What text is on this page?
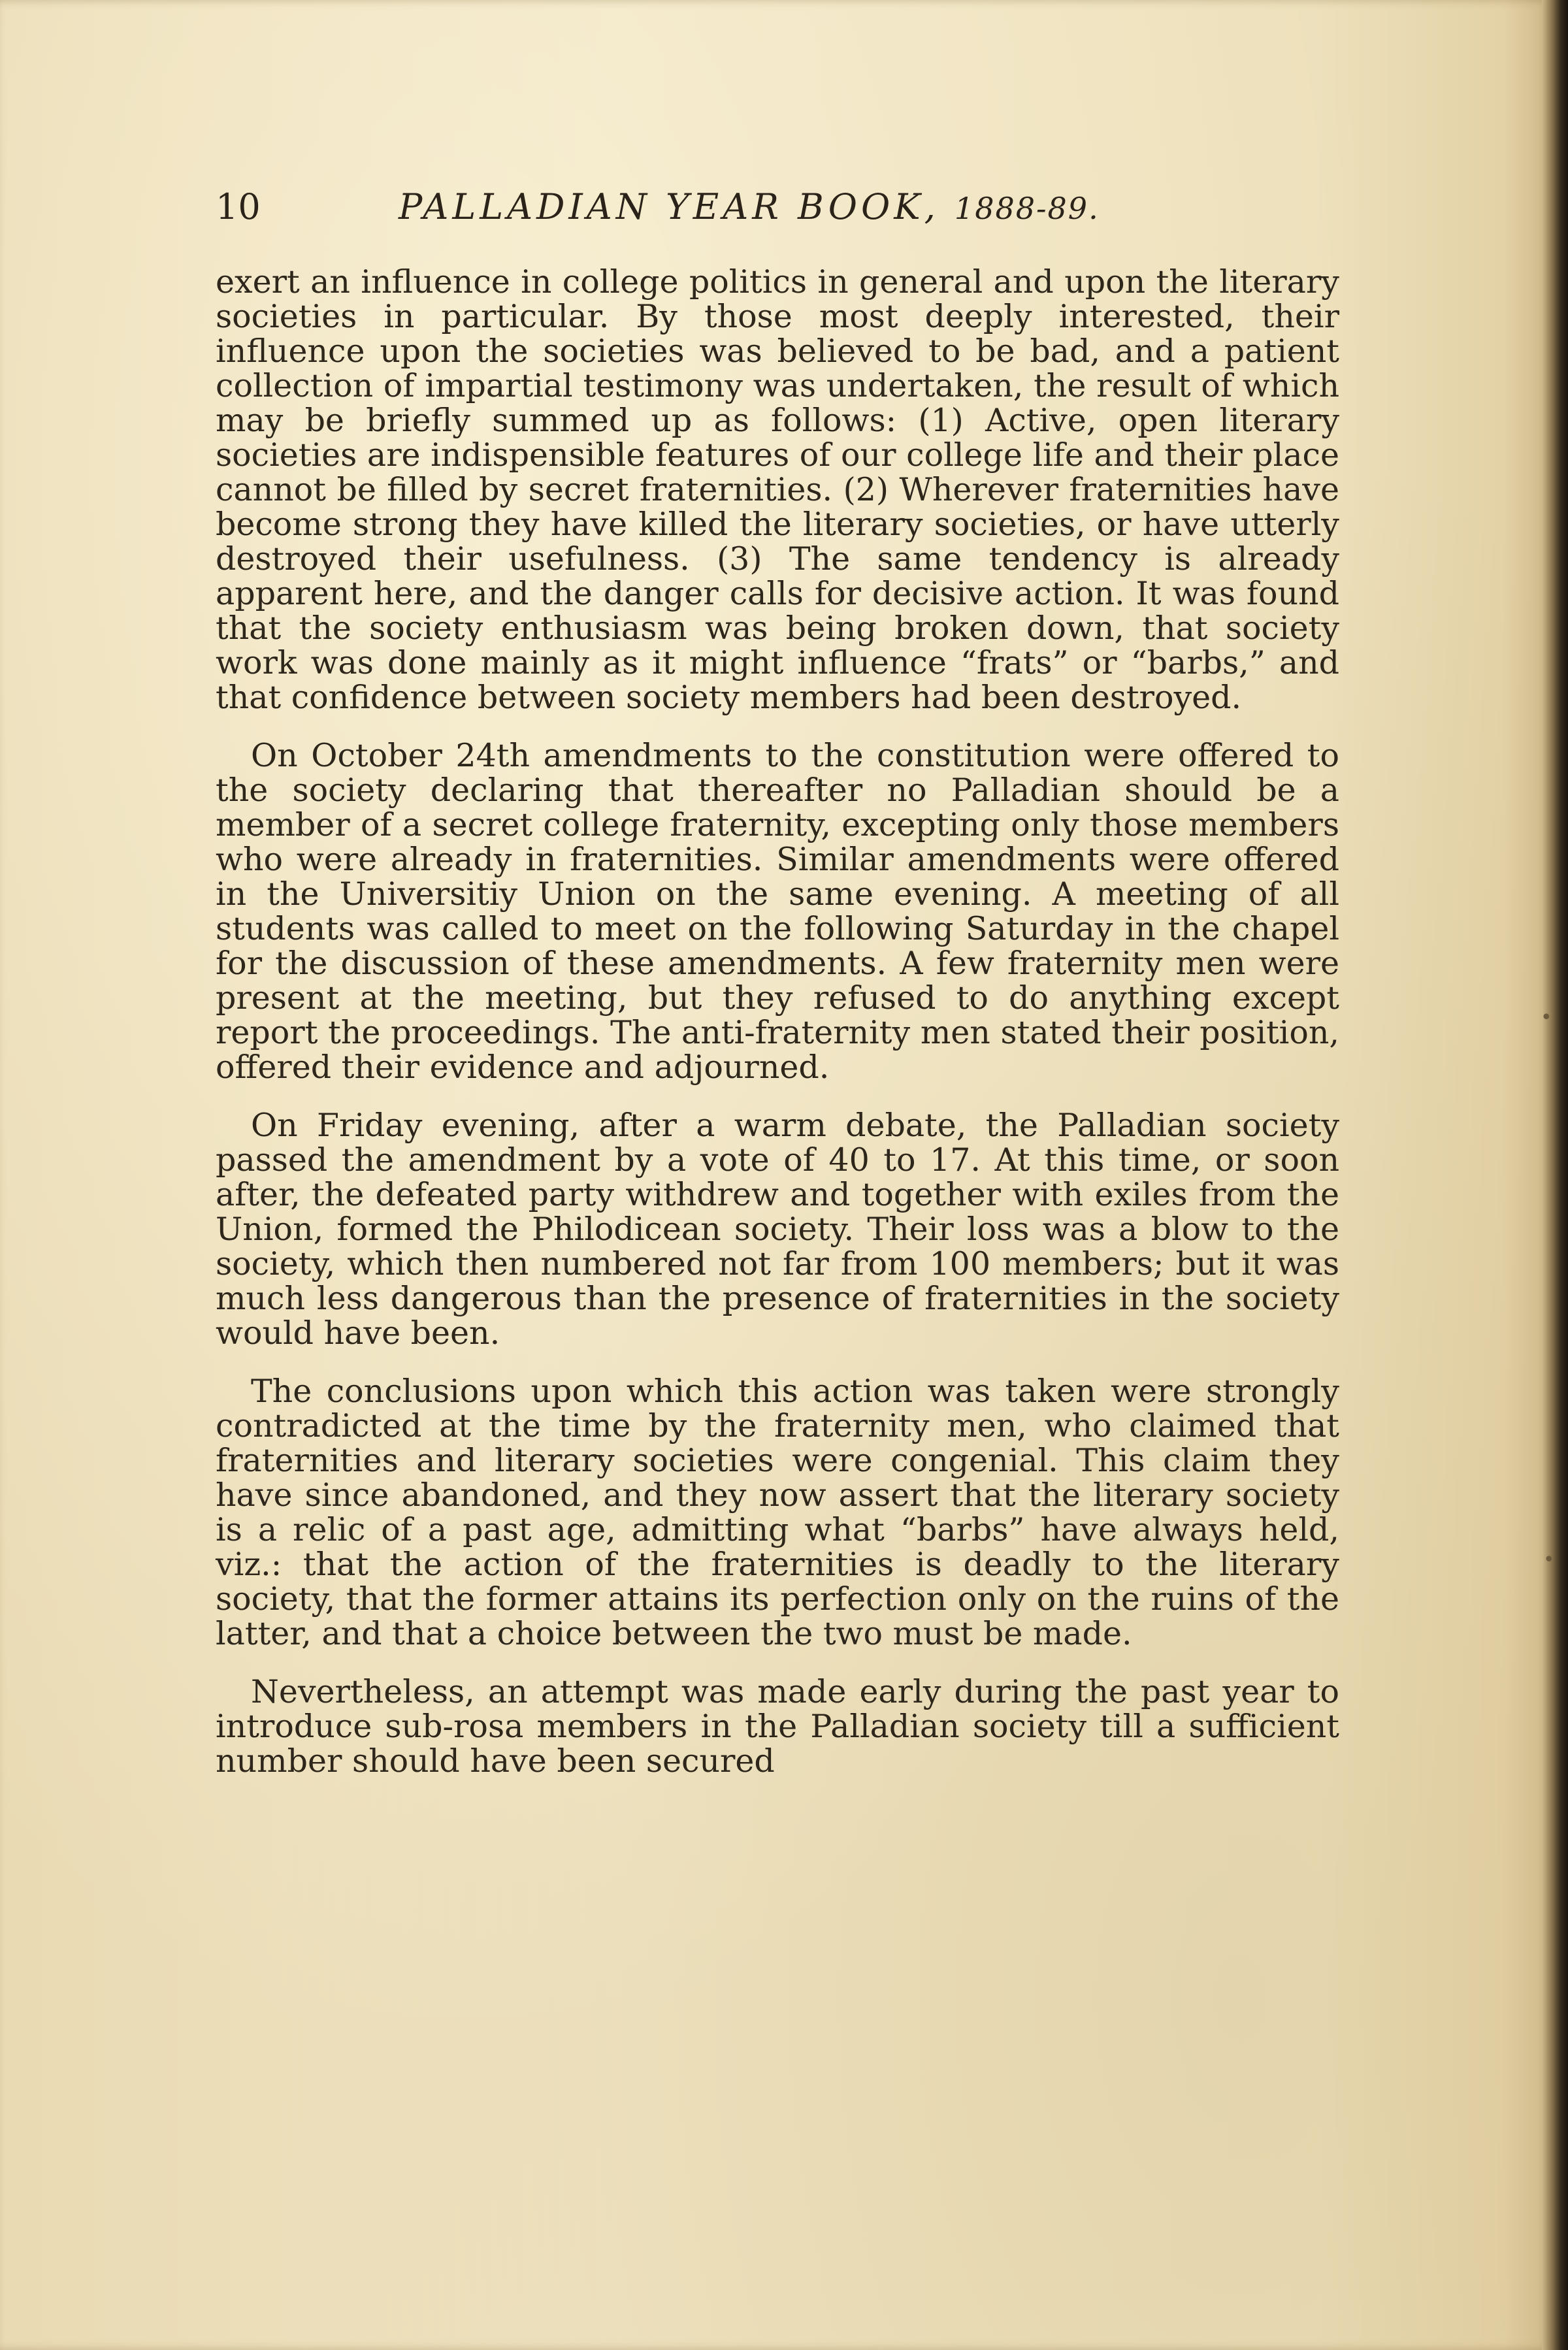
10	PALLADIAN YEAR BOOK, 1888-89.

exert an influence in college politics in general and upon the literary societies in particular. By those most deeply interested, their influence upon the societies was believed to be bad, and a patient collection of impartial testimony was undertaken, the result of which may be briefly summed up as follows: (1) Active, open literary societies are indispensible features of our college life and their place cannot be filled by secret fraternities. (2) Wherever fraternities have become strong they have killed the literary societies, or have utterly destroyed their usefulness. (3) The same tendency is already apparent here, and the danger calls for decisive action. It was found that the society enthusiasm was being broken down, that society work was done mainly as it might influence “frats” or “barbs,” and that confidence between society members had been destroyed.

On October 24th amendments to the constitution were offered to the society declaring that thereafter no Palladian should be a member of a secret college fraternity, excepting only those members who were already in fraternities. Similar amendments were offered in the Universitiy Union on the same evening. A meeting of all students was called to meet on the following Saturday in the chapel for the discussion of these amendments. A few fraternity men were present at the meeting, but they refused to do anything except report the proceedings. The anti-fraternity men stated their position, offered their evidence and adjourned.

On Friday evening, after a warm debate, the Palladian society passed the amendment by a vote of 40 to 17. At this time, or soon after, the defeated party withdrew and together with exiles from the Union, formed the Philodicean society. Their loss was a blow to the society, which then numbered not far from 100 members; but it was much less dangerous than the presence of fraternities in the society would have been.

The conclusions upon which this action was taken were strongly contradicted at the time by the fraternity men, who claimed that fraternities and literary societies were congenial. This claim they have since abandoned, and they now assert that the literary society is a relic of a past age, admitting what “barbs” have always held, viz.: that the action of the fraternities is deadly to the literary society, that the former attains its perfection only on the ruins of the latter, and that a choice between the two must be made.

Nevertheless, an attempt was made early during the past year to introduce sub-rosa members in the Palladian society till a sufficient number should have been secured

•
•
